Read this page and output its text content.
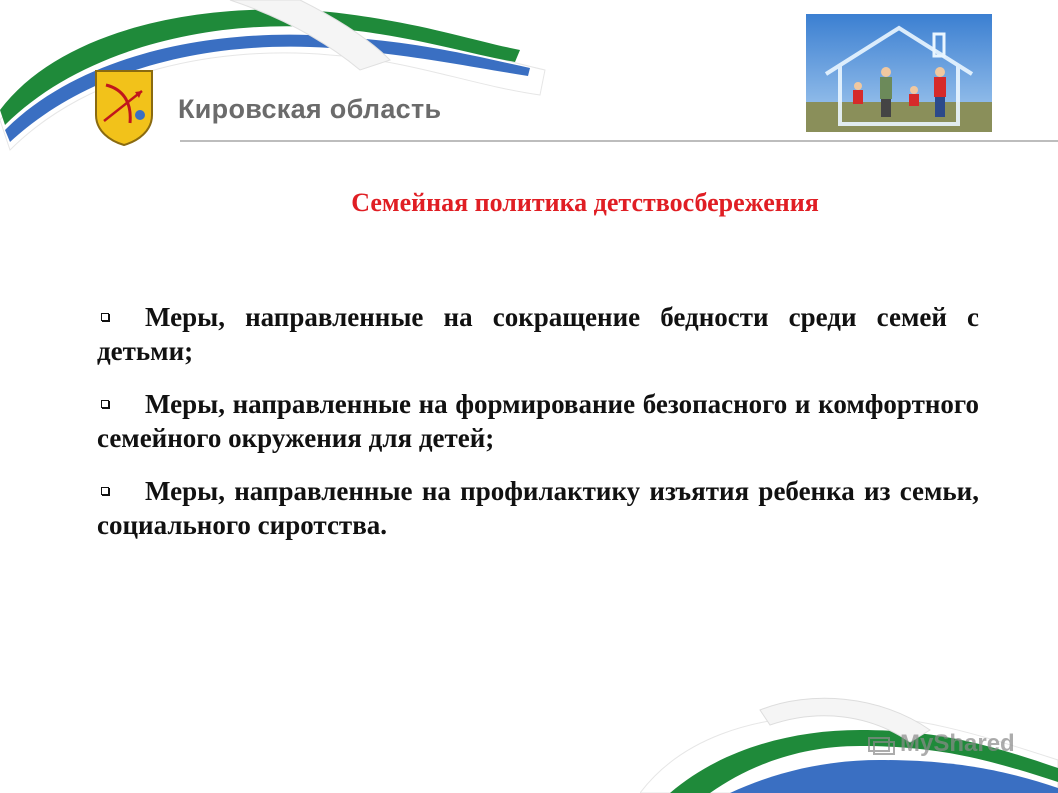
Кировская область
Семейная политика детствосбережения
Меры, направленные на сокращение бедности среди семей с детьми;
Меры, направленные на формирование безопасного и комфортного семейного окружения для детей;
Меры, направленные на профилактику изъятия ребенка из семьи, социального сиротства.
MyShared
